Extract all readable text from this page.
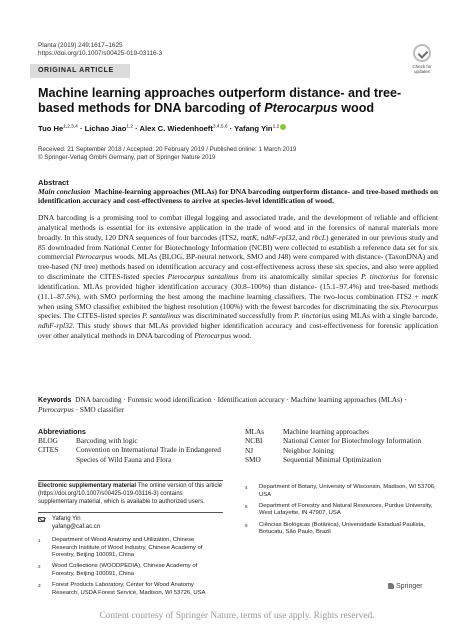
Planta (2019) 249:1617–1625
https://doi.org/10.1007/s00425-019-03116-3
ORIGINAL ARTICLE
Check for
updates
Machine learning approaches outperform distance- and tree-based methods for DNA barcoding of Pterocarpus wood
Tuo He$^{1,2,3,4}$ · Lichao Jiao$^{1,2}$ · Alex C. Wiedenhoeft$^{3,4,5,6}$ · Yafang Yin$^{1,2}$
Received: 21 September 2018 / Accepted: 20 February 2019 / Published online: 1 March 2019
© Springer-Verlag GmbH Germany, part of Springer Nature 2019
Abstract
Main conclusion Machine-learning approaches (MLAs) for DNA barcoding outperform distance- and tree-based methods on identification accuracy and cost-effectiveness to arrive at species-level identification of wood.
DNA barcoding is a promising tool to combat illegal logging and associated trade, and the development of reliable and efficient analytical methods is essential for its extensive application in the trade of wood and in the forensics of natural materials more broadly. In this study, 120 DNA sequences of four barcodes (ITS2, matK, ndhF-rpl32, and rbcL) generated in our previous study and 85 downloaded from National Center for Biotechnology Information (NCBI) were collected to establish a reference data set for six commercial Pterocarpus woods. MLAs (BLOG, BP-neural network, SMO and J48) were compared with distance- (TaxonDNA) and tree-based (NJ tree) methods based on identification accuracy and cost-effectiveness across these six species, and also were applied to discriminate the CITES-listed species Pterocarpus santalinus from its anatomically similar species P. tinctorius for forensic identification. MLAs provided higher identification accuracy (30.8–100%) than distance- (15.1–97.4%) and tree-based methods (11.1–87.5%), with SMO performing the best among the machine learning classifiers. The two-locus combination ITS2 + matK when using SMO classifier exhibited the highest resolution (100%) with the fewest barcodes for discriminating the six Pterocarpus species. The CITES-listed species P. santalinus was discriminated successfully from P. tinctorius using MLAs with a single barcode, ndhF-rpl32. This study shows that MLAs provided higher identification accuracy and cost-effectiveness for forensic application over other analytical methods in DNA barcoding of Pterocarpus wood.
Keywords DNA barcoding · Forensic wood identification · Identification accuracy · Machine learning approaches (MLAs) · Pterocarpus · SMO classifier
Abbreviations
BLOG	Barcoding with logic
CITES	Convention on International Trade in Endangered Species of Wild Fauna and Flora
MLAs	Machine learning approaches
NCBI	National Center for Biotechnology Information
NJ	Neighbor Joining
SMO	Sequential Minimal Optimization
Electronic supplementary material The online version of this article (https://doi.org/10.1007/s00425-019-03116-3) contains supplementary material, which is available to authorized users.
Yafang Yin
yafang@caf.ac.cn
1	Department of Wood Anatomy and Utilization, Chinese Research Institute of Wood Industry, Chinese Academy of Forestry, Beijing 100091, China
2	Wood Collections (WOODPEDIA), Chinese Academy of Forestry, Beijing 100091, China
3	Forest Products Laboratory, Center for Wood Anatomy Research, USDA Forest Service, Madison, WI 53726, USA
4	Department of Botany, University of Wisconsin, Madison, WI 53706, USA
5	Department of Forestry and Natural Resources, Purdue University, West Lafayette, IN 47907, USA
6	Ciências Biológicas (Botânica), Universidade Estadual Paulista, Botucatu, São Paulo, Brazil
Springer
Content courtesy of Springer Nature, terms of use apply. Rights reserved.
